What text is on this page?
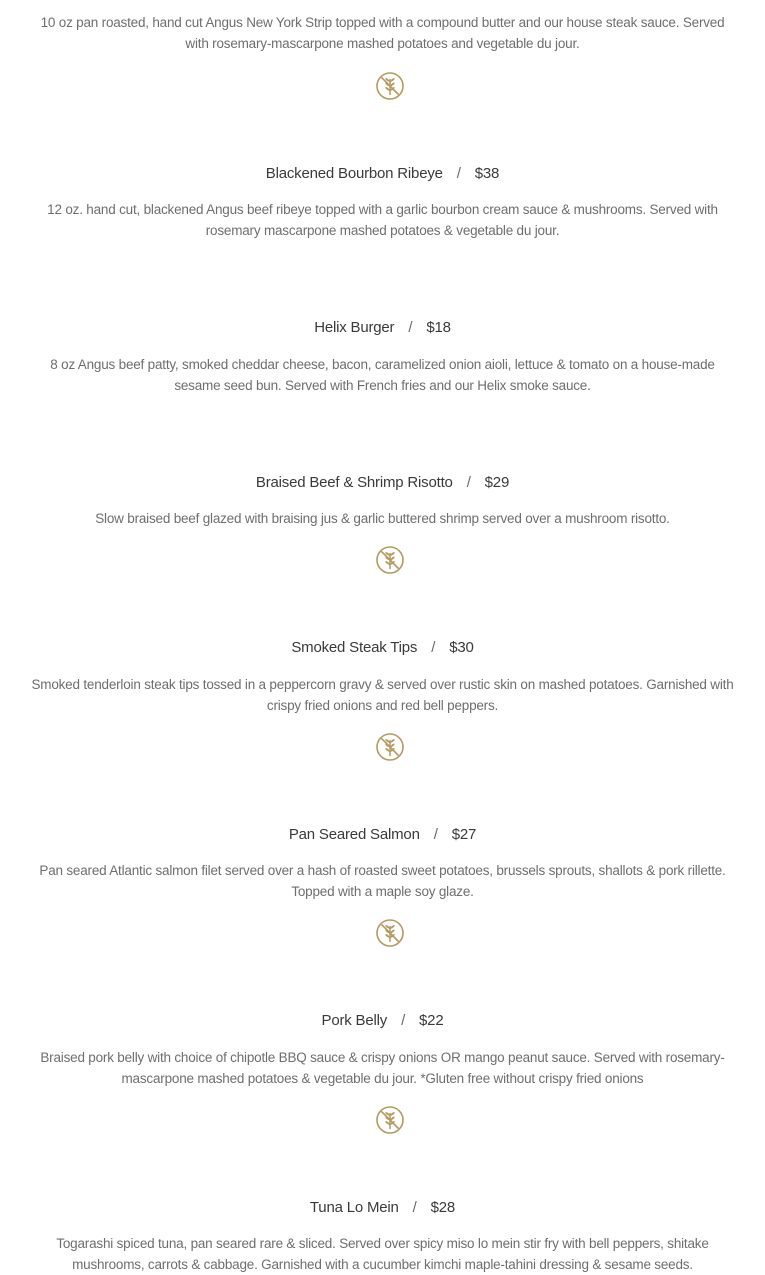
10 oz pan roasted, hand cut Angus New York Strip topped with a compound butter and our house steak sauce. Served with rosemary-mascarpone mashed potatoes and vegetable du jour.

Blackened Bourbon Ribeye / $38

12 oz. hand cut, blackened Angus beef ribeye topped with a garlic bourbon cream sauce & mushrooms. Served with rosemary mascarpone mashed potatoes & vegetable du jour.

Helix Burger / $18

8 oz Angus beef patty, smoked cheddar cheese, bacon, caramelized onion aioli, lettuce & tomato on a house-made sesame seed bun. Served with French fries and our Helix smoke sauce.

Braised Beef & Shrimp Risotto / $29

Slow braised beef glazed with braising jus & garlic buttered shrimp served over a mushroom risotto.

Smoked Steak Tips / $30

Smoked tenderloin steak tips tossed in a peppercorn gravy & served over rustic skin on mashed potatoes. Garnished with crispy fried onions and red bell peppers.

Pan Seared Salmon / $27

Pan seared Atlantic salmon filet served over a hash of roasted sweet potatoes, brussels sprouts, shallots & pork rillette. Topped with a maple soy glaze.

Pork Belly / $22

Braised pork belly with choice of chipotle BBQ sauce & crispy onions OR mango peanut sauce. Served with rosemary-mascarpone mashed potatoes & vegetable du jour. *Gluten free without crispy fried onions

Tuna Lo Mein / $28

Togarashi spiced tuna, pan seared rare & sliced. Served over spicy miso lo mein stir fry with bell peppers, shitake mushrooms, carrots & cabbage. Garnished with a cucumber kimchi maple-tahini dressing & sesame seeds.
